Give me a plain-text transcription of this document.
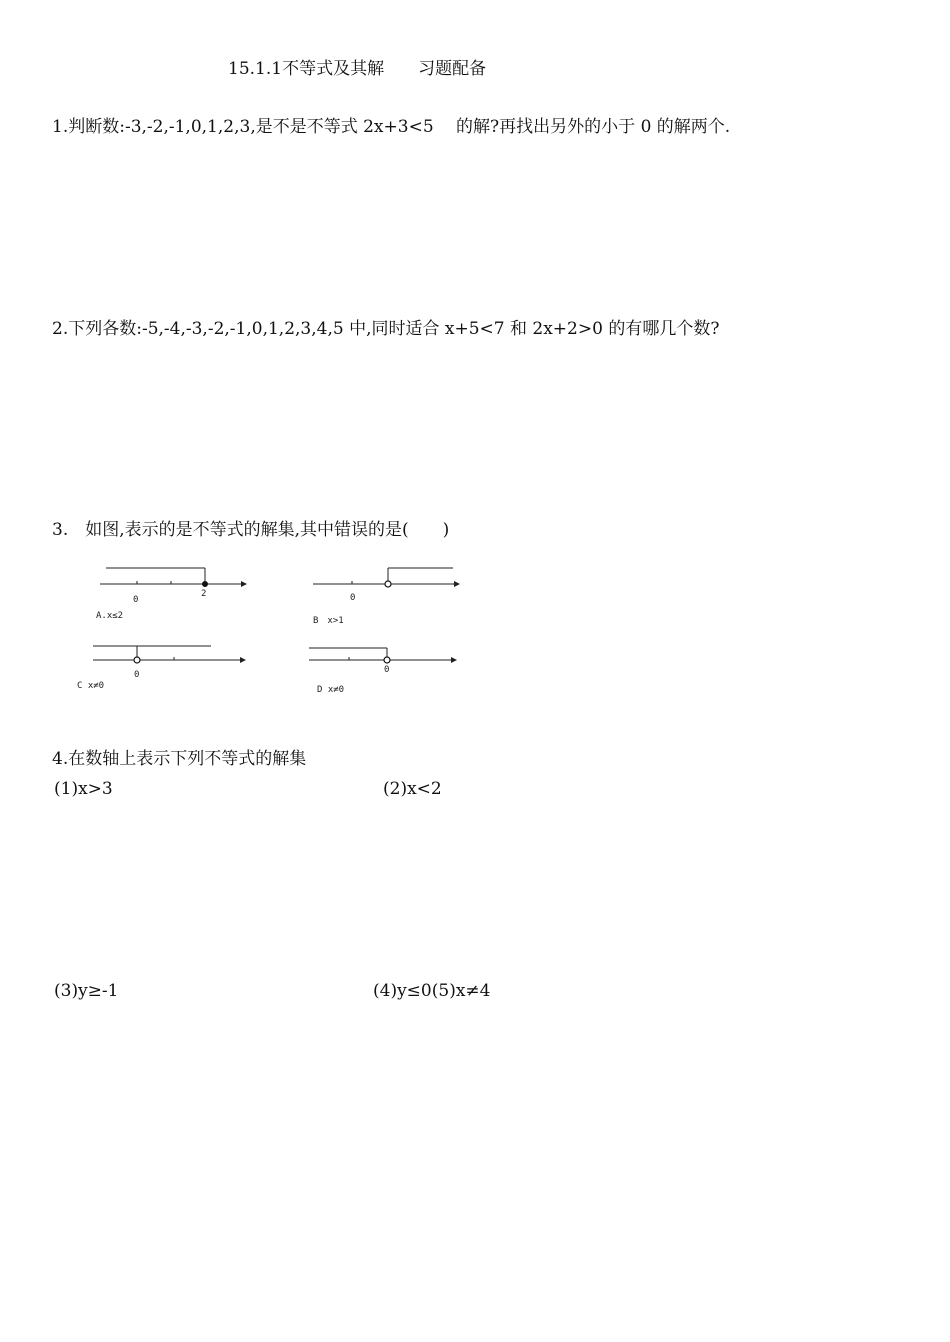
15.1.1不等式及其解　　习题配备
1.判断数:-3,-2,-1,0,1,2,3,是不是不等式 2x+3<5　 的解?再找出另外的小于 0 的解两个.
2.下列各数:-5,-4,-3,-2,-1,0,1,2,3,4,5 中,同时适合 x+5<7 和 2x+2>0 的有哪几个数?
3.　如图,表示的是不等式的解集,其中错误的是(　　)
0
2
A.x≤2
0
B　x>1
0
C x≠0
0
D x≠0
4.在数轴上表示下列不等式的解集
(1)x>3	(2)x<2
(3)y≥-1	(4)y≤0(5)x≠4
